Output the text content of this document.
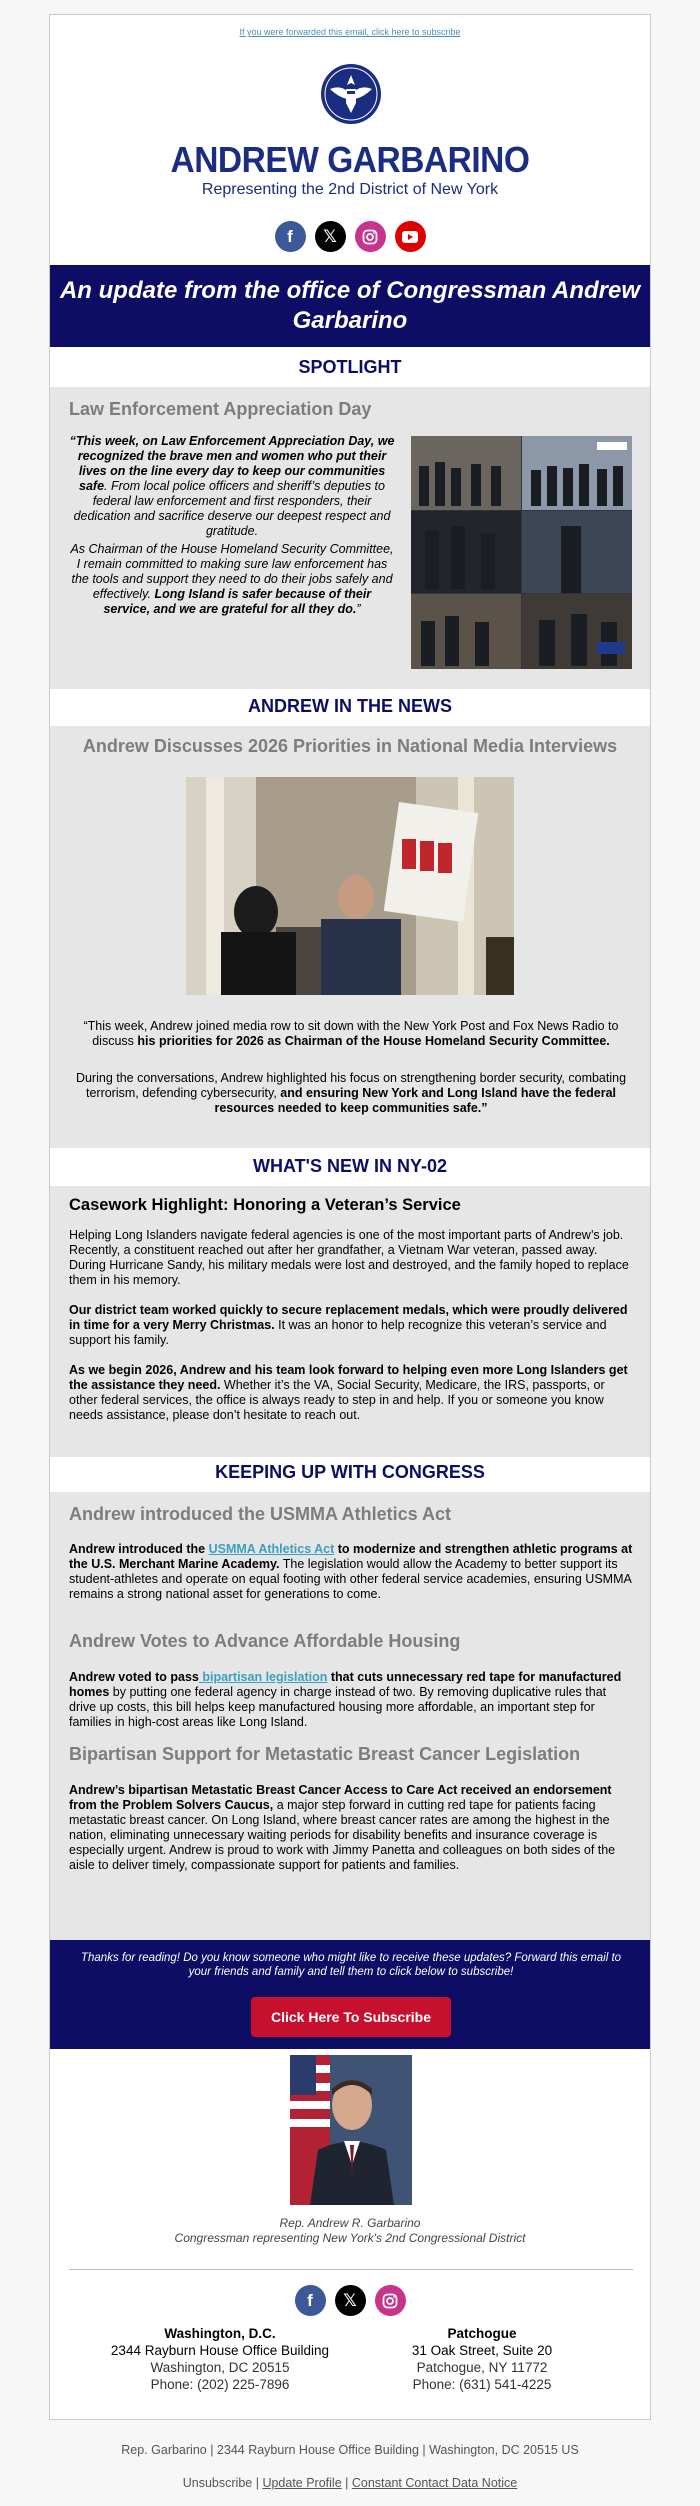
If you were forwarded this email, click here to subscribe
ANDREW GARBARINO
Representing the 2nd District of New York
f	𝕏
An update from the office of Congressman Andrew Garbarino
SPOTLIGHT
Law Enforcement Appreciation Day
“This week, on Law Enforcement Appreciation Day, we recognized the brave men and women who put their lives on the line every day to keep our communities safe. From local police officers and sheriff’s deputies to federal law enforcement and first responders, their dedication and sacrifice deserve our deepest respect and gratitude.
As Chairman of the House Homeland Security Committee, I remain committed to making sure law enforcement has the tools and support they need to do their jobs safely and effectively. Long Island is safer because of their service, and we are grateful for all they do.”
ANDREW IN THE NEWS
Andrew Discusses 2026 Priorities in National Media Interviews
“This week, Andrew joined media row to sit down with the New York Post and Fox News Radio to discuss his priorities for 2026 as Chairman of the House Homeland Security Committee.
During the conversations, Andrew highlighted his focus on strengthening border security, combating terrorism, defending cybersecurity, and ensuring New York and Long Island have the federal resources needed to keep communities safe.”
WHAT'S NEW IN NY-02
Casework Highlight: Honoring a Veteran’s Service
Helping Long Islanders navigate federal agencies is one of the most important parts of Andrew’s job. Recently, a constituent reached out after her grandfather, a Vietnam War veteran, passed away. During Hurricane Sandy, his military medals were lost and destroyed, and the family hoped to replace them in his memory.
Our district team worked quickly to secure replacement medals, which were proudly delivered in time for a very Merry Christmas. It was an honor to help recognize this veteran’s service and support his family.
As we begin 2026, Andrew and his team look forward to helping even more Long Islanders get the assistance they need. Whether it’s the VA, Social Security, Medicare, the IRS, passports, or other federal services, the office is always ready to step in and help. If you or someone you know needs assistance, please don’t hesitate to reach out.
KEEPING UP WITH CONGRESS
Andrew introduced the USMMA Athletics Act
Andrew introduced the USMMA Athletics Act to modernize and strengthen athletic programs at the U.S. Merchant Marine Academy. The legislation would allow the Academy to better support its student-athletes and operate on equal footing with other federal service academies, ensuring USMMA remains a strong national asset for generations to come.
Andrew Votes to Advance Affordable Housing
Andrew voted to pass bipartisan legislation that cuts unnecessary red tape for manufactured homes by putting one federal agency in charge instead of two. By removing duplicative rules that drive up costs, this bill helps keep manufactured housing more affordable, an important step for families in high-cost areas like Long Island.
Bipartisan Support for Metastatic Breast Cancer Legislation
Andrew’s bipartisan Metastatic Breast Cancer Access to Care Act received an endorsement from the Problem Solvers Caucus, a major step forward in cutting red tape for patients facing metastatic breast cancer. On Long Island, where breast cancer rates are among the highest in the nation, eliminating unnecessary waiting periods for disability benefits and insurance coverage is especially urgent. Andrew is proud to work with Jimmy Panetta and colleagues on both sides of the aisle to deliver timely, compassionate support for patients and families.
Thanks for reading! Do you know someone who might like to receive these updates? Forward this email to your friends and family and tell them to click below to subscribe!
Click Here To Subscribe
Rep. Andrew R. Garbarino
Congressman representing New York's 2nd Congressional District
f	𝕏
Washington, D.C.
2344 Rayburn House Office Building
Washington, DC 20515
Phone: (202) 225-7896
Patchogue
31 Oak Street, Suite 20
Patchogue, NY 11772
Phone: (631) 541-4225
Rep. Garbarino | 2344 Rayburn House Office Building | Washington, DC 20515 US
Unsubscribe | Update Profile | Constant Contact Data Notice
